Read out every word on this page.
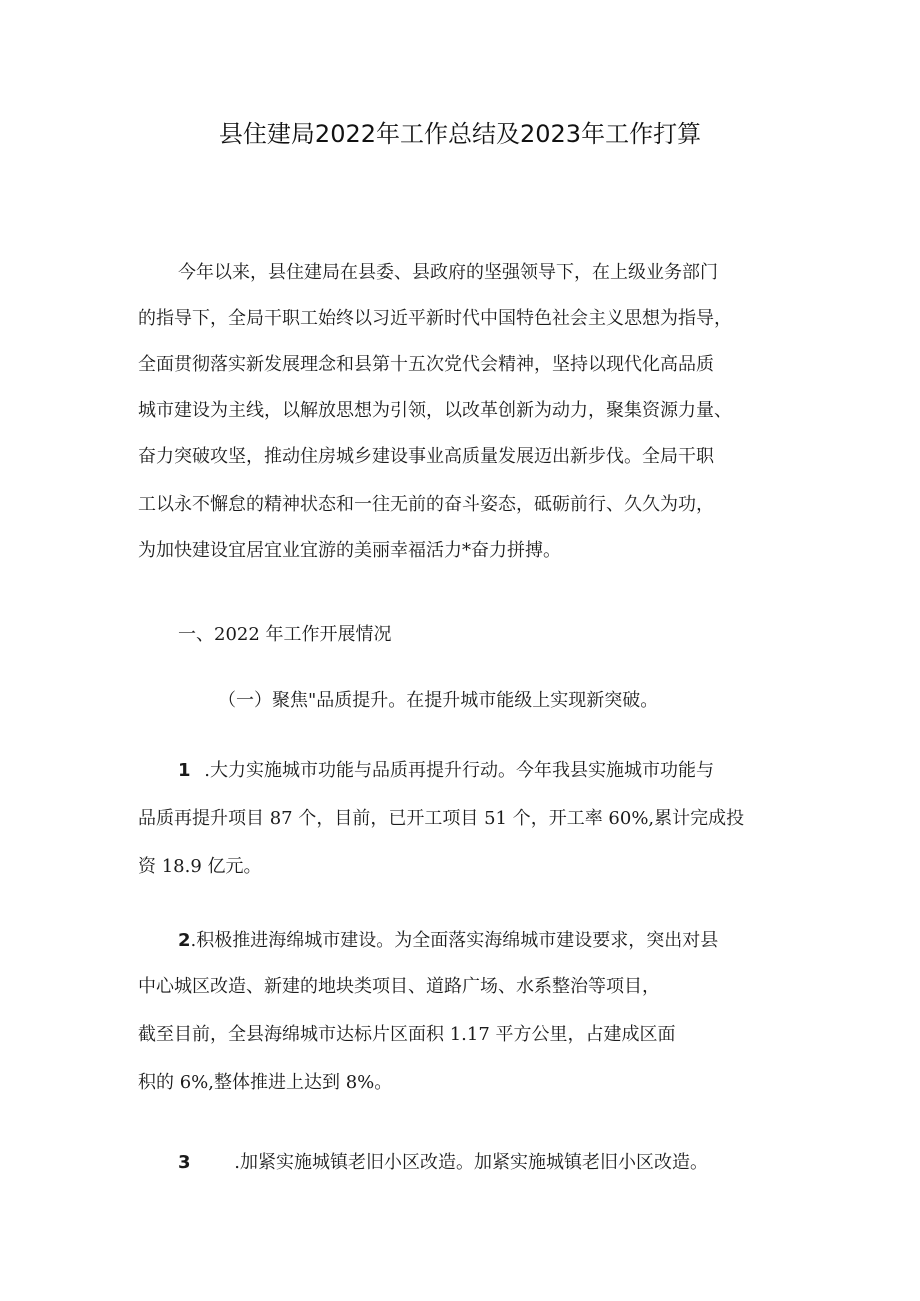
县住建局2022年工作总结及2023年工作打算
今年以来，县住建局在县委、县政府的坚强领导下，在上级业务部门
的指导下，全局干职工始终以习近平新时代中国特色社会主义思想为指导，
全面贯彻落实新发展理念和县第十五次党代会精神，坚持以现代化高品质
城市建设为主线，以解放思想为引领，以改革创新为动力，聚集资源力量、
奋力突破攻坚，推动住房城乡建设事业高质量发展迈出新步伐。全局干职
工以永不懈怠的精神状态和一往无前的奋斗姿态，砥砺前行、久久为功，
为加快建设宜居宜业宜游的美丽幸福活力*奋力拼搏。
一、2022 年工作开展情况
（一）聚焦"品质提升。在提升城市能级上实现新突破。
1 .大力实施城市功能与品质再提升行动。今年我县实施城市功能与
品质再提升项目 87 个，目前，已开工项目 51 个，开工率 60%,累计完成投
资 18.9 亿元。
2.积极推进海绵城市建设。为全面落实海绵城市建设要求，突出对县
中心城区改造、新建的地块类项目、道路广场、水系整治等项目，
截至目前，全县海绵城市达标片区面积 1.17 平方公里，占建成区面
积的 6%,整体推进上达到 8%。
3 .加紧实施城镇老旧小区改造。加紧实施城镇老旧小区改造。
